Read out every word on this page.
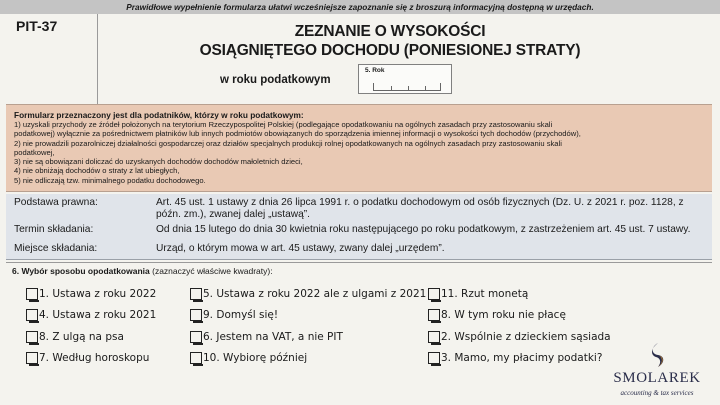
Prawidłowe wypełnienie formularza ułatwi wcześniejsze zapoznanie się z broszurą informacyjną dostępną w urzędach.
PIT-37	ZEZNANIE O WYSOKOŚCI
OSIĄGNIĘTEGO DOCHODU (PONIESIONEJ STRATY)
w roku podatkowym
5. Rok
Formularz przeznaczony jest dla podatników, którzy w roku podatkowym:
1) uzyskali przychody ze źródeł położonych na terytorium Rzeczypospolitej Polskiej (podlegające opodatkowaniu na ogólnych zasadach przy zastosowaniu skali
podatkowej) wyłącznie za pośrednictwem płatników lub innych podmiotów obowiązanych do sporządzenia imiennej informacji o wysokości tych dochodów (przychodów),
2) nie prowadzili pozarolniczej działalności gospodarczej oraz działów specjalnych produkcji rolnej opodatkowanych na ogólnych zasadach przy zastosowaniu skali
podatkowej,
3) nie są obowiązani doliczać do uzyskanych dochodów dochodów małoletnich dzieci,
4) nie obniżają dochodów o straty z lat ubiegłych,
5) nie odliczają tzw. minimalnego podatku dochodowego.
Podstawa prawna:	Art. 45 ust. 1 ustawy z dnia 26 lipca 1991 r. o podatku dochodowym od osób fizycznych (Dz. U. z 2021 r. poz. 1128, z późn. zm.), zwanej dalej „ustawą”.
Termin składania:	Od dnia 15 lutego do dnia 30 kwietnia roku następującego po roku podatkowym, z zastrzeżeniem art. 45 ust. 7 ustawy.
Miejsce składania:	Urząd, o którym mowa w art. 45 ustawy, zwany dalej „urzędem”.
6. Wybór sposobu opodatkowania (zaznaczyć właściwe kwadraty):
1. Ustawa z roku 2022
4. Ustawa z roku 2021
8. Z ulgą na psa
7. Według horoskopu
5. Ustawa z roku 2022 ale z ulgami z 2021
9. Domyśl się!
6. Jestem na VAT, a nie PIT
10. Wybiorę później
11. Rzut monetą
8. W tym roku nie płacę
2. Wspólnie z dzieckiem sąsiada
3. Mamo, my płacimy podatki?
SMOLAREK
accounting & tax services
